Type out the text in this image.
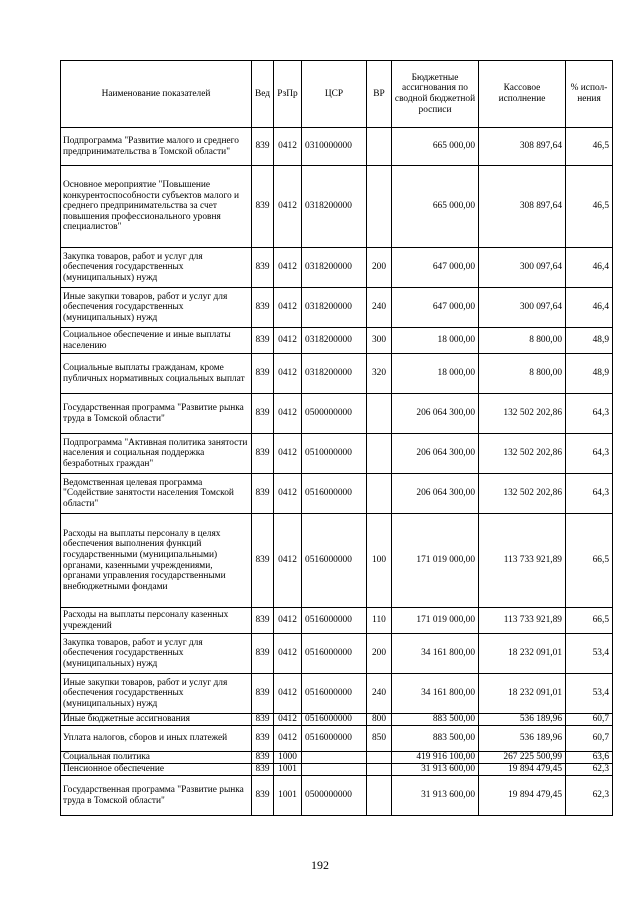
Наименование показателей	Вед	РзПр	ЦСР	ВР	Бюджетные ассигнования по сводной бюджетной росписи	Кассовое исполнение	% испол-нения
Подпрограмма "Развитие малого и среднего предпринимательства в Томской области"	839	0412	0310000000		665 000,00	308 897,64	46,5
Основное мероприятие "Повышение конкурентоспособности субъектов малого и среднего предпринимательства за счет повышения профессионального уровня специалистов"	839	0412	0318200000		665 000,00	308 897,64	46,5
Закупка товаров, работ и услуг для обеспечения государственных (муниципальных) нужд	839	0412	0318200000	200	647 000,00	300 097,64	46,4
Иные закупки товаров, работ и услуг для обеспечения государственных (муниципальных) нужд	839	0412	0318200000	240	647 000,00	300 097,64	46,4
Социальное обеспечение и иные выплаты населению	839	0412	0318200000	300	18 000,00	8 800,00	48,9
Социальные выплаты гражданам, кроме публичных нормативных социальных выплат	839	0412	0318200000	320	18 000,00	8 800,00	48,9
Государственная программа "Развитие рынка труда в Томской области"	839	0412	0500000000		206 064 300,00	132 502 202,86	64,3
Подпрограмма "Активная политика занятости населения и социальная поддержка безработных граждан"	839	0412	0510000000		206 064 300,00	132 502 202,86	64,3
Ведомственная целевая программа "Содействие занятости населения Томской области"	839	0412	0516000000		206 064 300,00	132 502 202,86	64,3
Расходы на выплаты персоналу в целях обеспечения выполнения функций государственными (муниципальными) органами, казенными учреждениями, органами управления государственными внебюджетными фондами	839	0412	0516000000	100	171 019 000,00	113 733 921,89	66,5
Расходы на выплаты персоналу казенных учреждений	839	0412	0516000000	110	171 019 000,00	113 733 921,89	66,5
Закупка товаров, работ и услуг для обеспечения государственных (муниципальных) нужд	839	0412	0516000000	200	34 161 800,00	18 232 091,01	53,4
Иные закупки товаров, работ и услуг для обеспечения государственных (муниципальных) нужд	839	0412	0516000000	240	34 161 800,00	18 232 091,01	53,4
Иные бюджетные ассигнования	839	0412	0516000000	800	883 500,00	536 189,96	60,7
Уплата налогов, сборов и иных платежей	839	0412	0516000000	850	883 500,00	536 189,96	60,7
Социальная политика	839	1000			419 916 100,00	267 225 500,99	63,6
Пенсионное обеспечение	839	1001			31 913 600,00	19 894 479,45	62,3
Государственная программа "Развитие рынка труда в Томской области"	839	1001	0500000000		31 913 600,00	19 894 479,45	62,3
192
